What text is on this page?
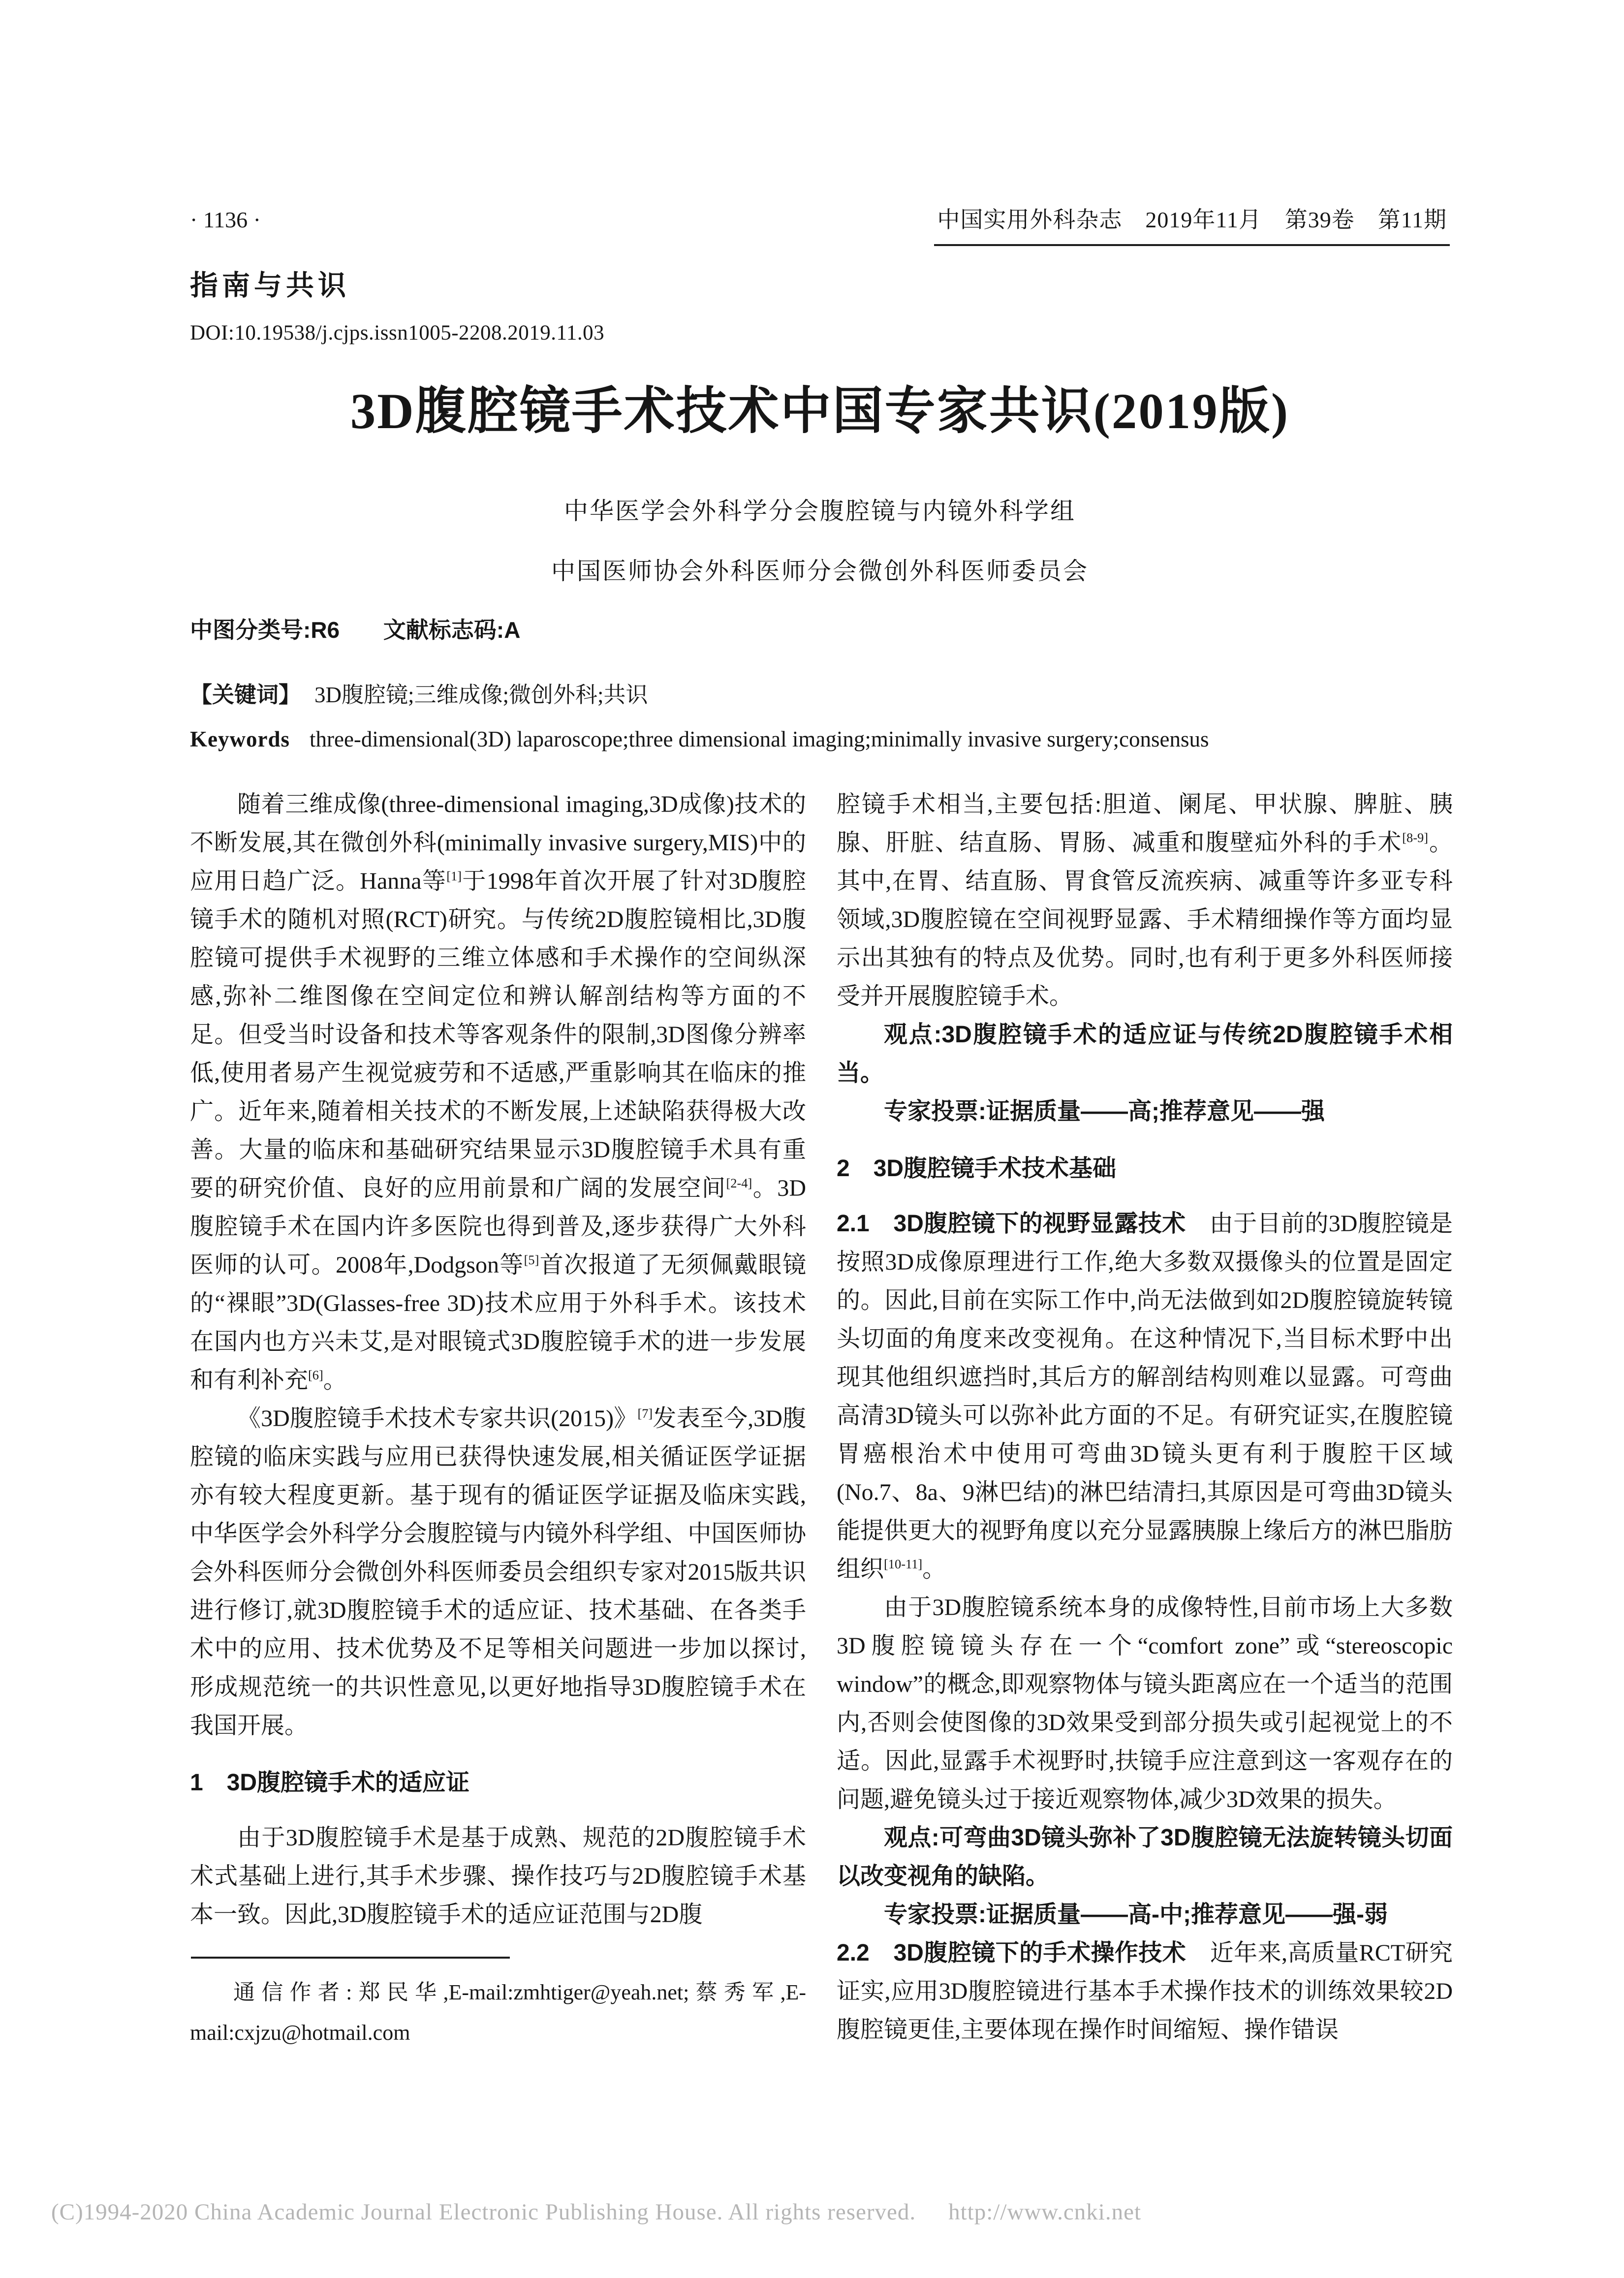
· 1136 ·	中国实用外科杂志　2019年11月　第39卷　第11期
指南与共识
DOI:10.19538/j.cjps.issn1005-2208.2019.11.03
3D腹腔镜手术技术中国专家共识(2019版)
中华医学会外科学分会腹腔镜与内镜外科学组
中国医师协会外科医师分会微创外科医师委员会
中图分类号:R6 文献标志码:A
【关键词】 3D腹腔镜;三维成像;微创外科;共识
Keywords three-dimensional(3D) laparoscope;three dimensional imaging;minimally invasive surgery;consensus

随着三维成像(three-dimensional imaging,3D成像)技术的不断发展,其在微创外科(minimally invasive surgery,MIS)中的应用日趋广泛。Hanna等[1]于1998年首次开展了针对3D腹腔镜手术的随机对照(RCT)研究。与传统2D腹腔镜相比,3D腹腔镜可提供手术视野的三维立体感和手术操作的空间纵深感,弥补二维图像在空间定位和辨认解剖结构等方面的不足。但受当时设备和技术等客观条件的限制,3D图像分辨率低,使用者易产生视觉疲劳和不适感,严重影响其在临床的推广。近年来,随着相关技术的不断发展,上述缺陷获得极大改善。大量的临床和基础研究结果显示3D腹腔镜手术具有重要的研究价值、良好的应用前景和广阔的发展空间[2-4]。3D腹腔镜手术在国内许多医院也得到普及,逐步获得广大外科医师的认可。2008年,Dodgson等[5]首次报道了无须佩戴眼镜的“裸眼”3D(Glasses-free 3D)技术应用于外科手术。该技术在国内也方兴未艾,是对眼镜式3D腹腔镜手术的进一步发展和有利补充[6]。

《3D腹腔镜手术技术专家共识(2015)》[7]发表至今,3D腹腔镜的临床实践与应用已获得快速发展,相关循证医学证据亦有较大程度更新。基于现有的循证医学证据及临床实践,中华医学会外科学分会腹腔镜与内镜外科学组、中国医师协会外科医师分会微创外科医师委员会组织专家对2015版共识进行修订,就3D腹腔镜手术的适应证、技术基础、在各类手术中的应用、技术优势及不足等相关问题进一步加以探讨,形成规范统一的共识性意见,以更好地指导3D腹腔镜手术在我国开展。

1　3D腹腔镜手术的适应证

由于3D腹腔镜手术是基于成熟、规范的2D腹腔镜手术术式基础上进行,其手术步骤、操作技巧与2D腹腔镜手术基本一致。因此,3D腹腔镜手术的适应证范围与2D腹

通信作者:郑民华,E-mail:zmhtiger@yeah.net;蔡秀军,E-mail:cxjzu@hotmail.com

腔镜手术相当,主要包括:胆道、阑尾、甲状腺、脾脏、胰腺、肝脏、结直肠、胃肠、减重和腹壁疝外科的手术[8-9]。其中,在胃、结直肠、胃食管反流疾病、减重等许多亚专科领域,3D腹腔镜在空间视野显露、手术精细操作等方面均显示出其独有的特点及优势。同时,也有利于更多外科医师接受并开展腹腔镜手术。

观点:3D腹腔镜手术的适应证与传统2D腹腔镜手术相当。

专家投票:证据质量——高;推荐意见——强

2　3D腹腔镜手术技术基础

2.1　3D腹腔镜下的视野显露技术　由于目前的3D腹腔镜是按照3D成像原理进行工作,绝大多数双摄像头的位置是固定的。因此,目前在实际工作中,尚无法做到如2D腹腔镜旋转镜头切面的角度来改变视角。在这种情况下,当目标术野中出现其他组织遮挡时,其后方的解剖结构则难以显露。可弯曲高清3D镜头可以弥补此方面的不足。有研究证实,在腹腔镜胃癌根治术中使用可弯曲3D镜头更有利于腹腔干区域(No.7、8a、9淋巴结)的淋巴结清扫,其原因是可弯曲3D镜头能提供更大的视野角度以充分显露胰腺上缘后方的淋巴脂肪组织[10-11]。

由于3D腹腔镜系统本身的成像特性,目前市场上大多数3D腹腔镜镜头存在一个“comfort zone”或“stereoscopic window”的概念,即观察物体与镜头距离应在一个适当的范围内,否则会使图像的3D效果受到部分损失或引起视觉上的不适。因此,显露手术视野时,扶镜手应注意到这一客观存在的问题,避免镜头过于接近观察物体,减少3D效果的损失。

观点:可弯曲3D镜头弥补了3D腹腔镜无法旋转镜头切面以改变视角的缺陷。

专家投票:证据质量——高-中;推荐意见——强-弱

2.2　3D腹腔镜下的手术操作技术　近年来,高质量RCT研究证实,应用3D腹腔镜进行基本手术操作技术的训练效果较2D腹腔镜更佳,主要体现在操作时间缩短、操作错误

(C)1994-2020 China Academic Journal Electronic Publishing House. All rights reserved. http://www.cnki.net
